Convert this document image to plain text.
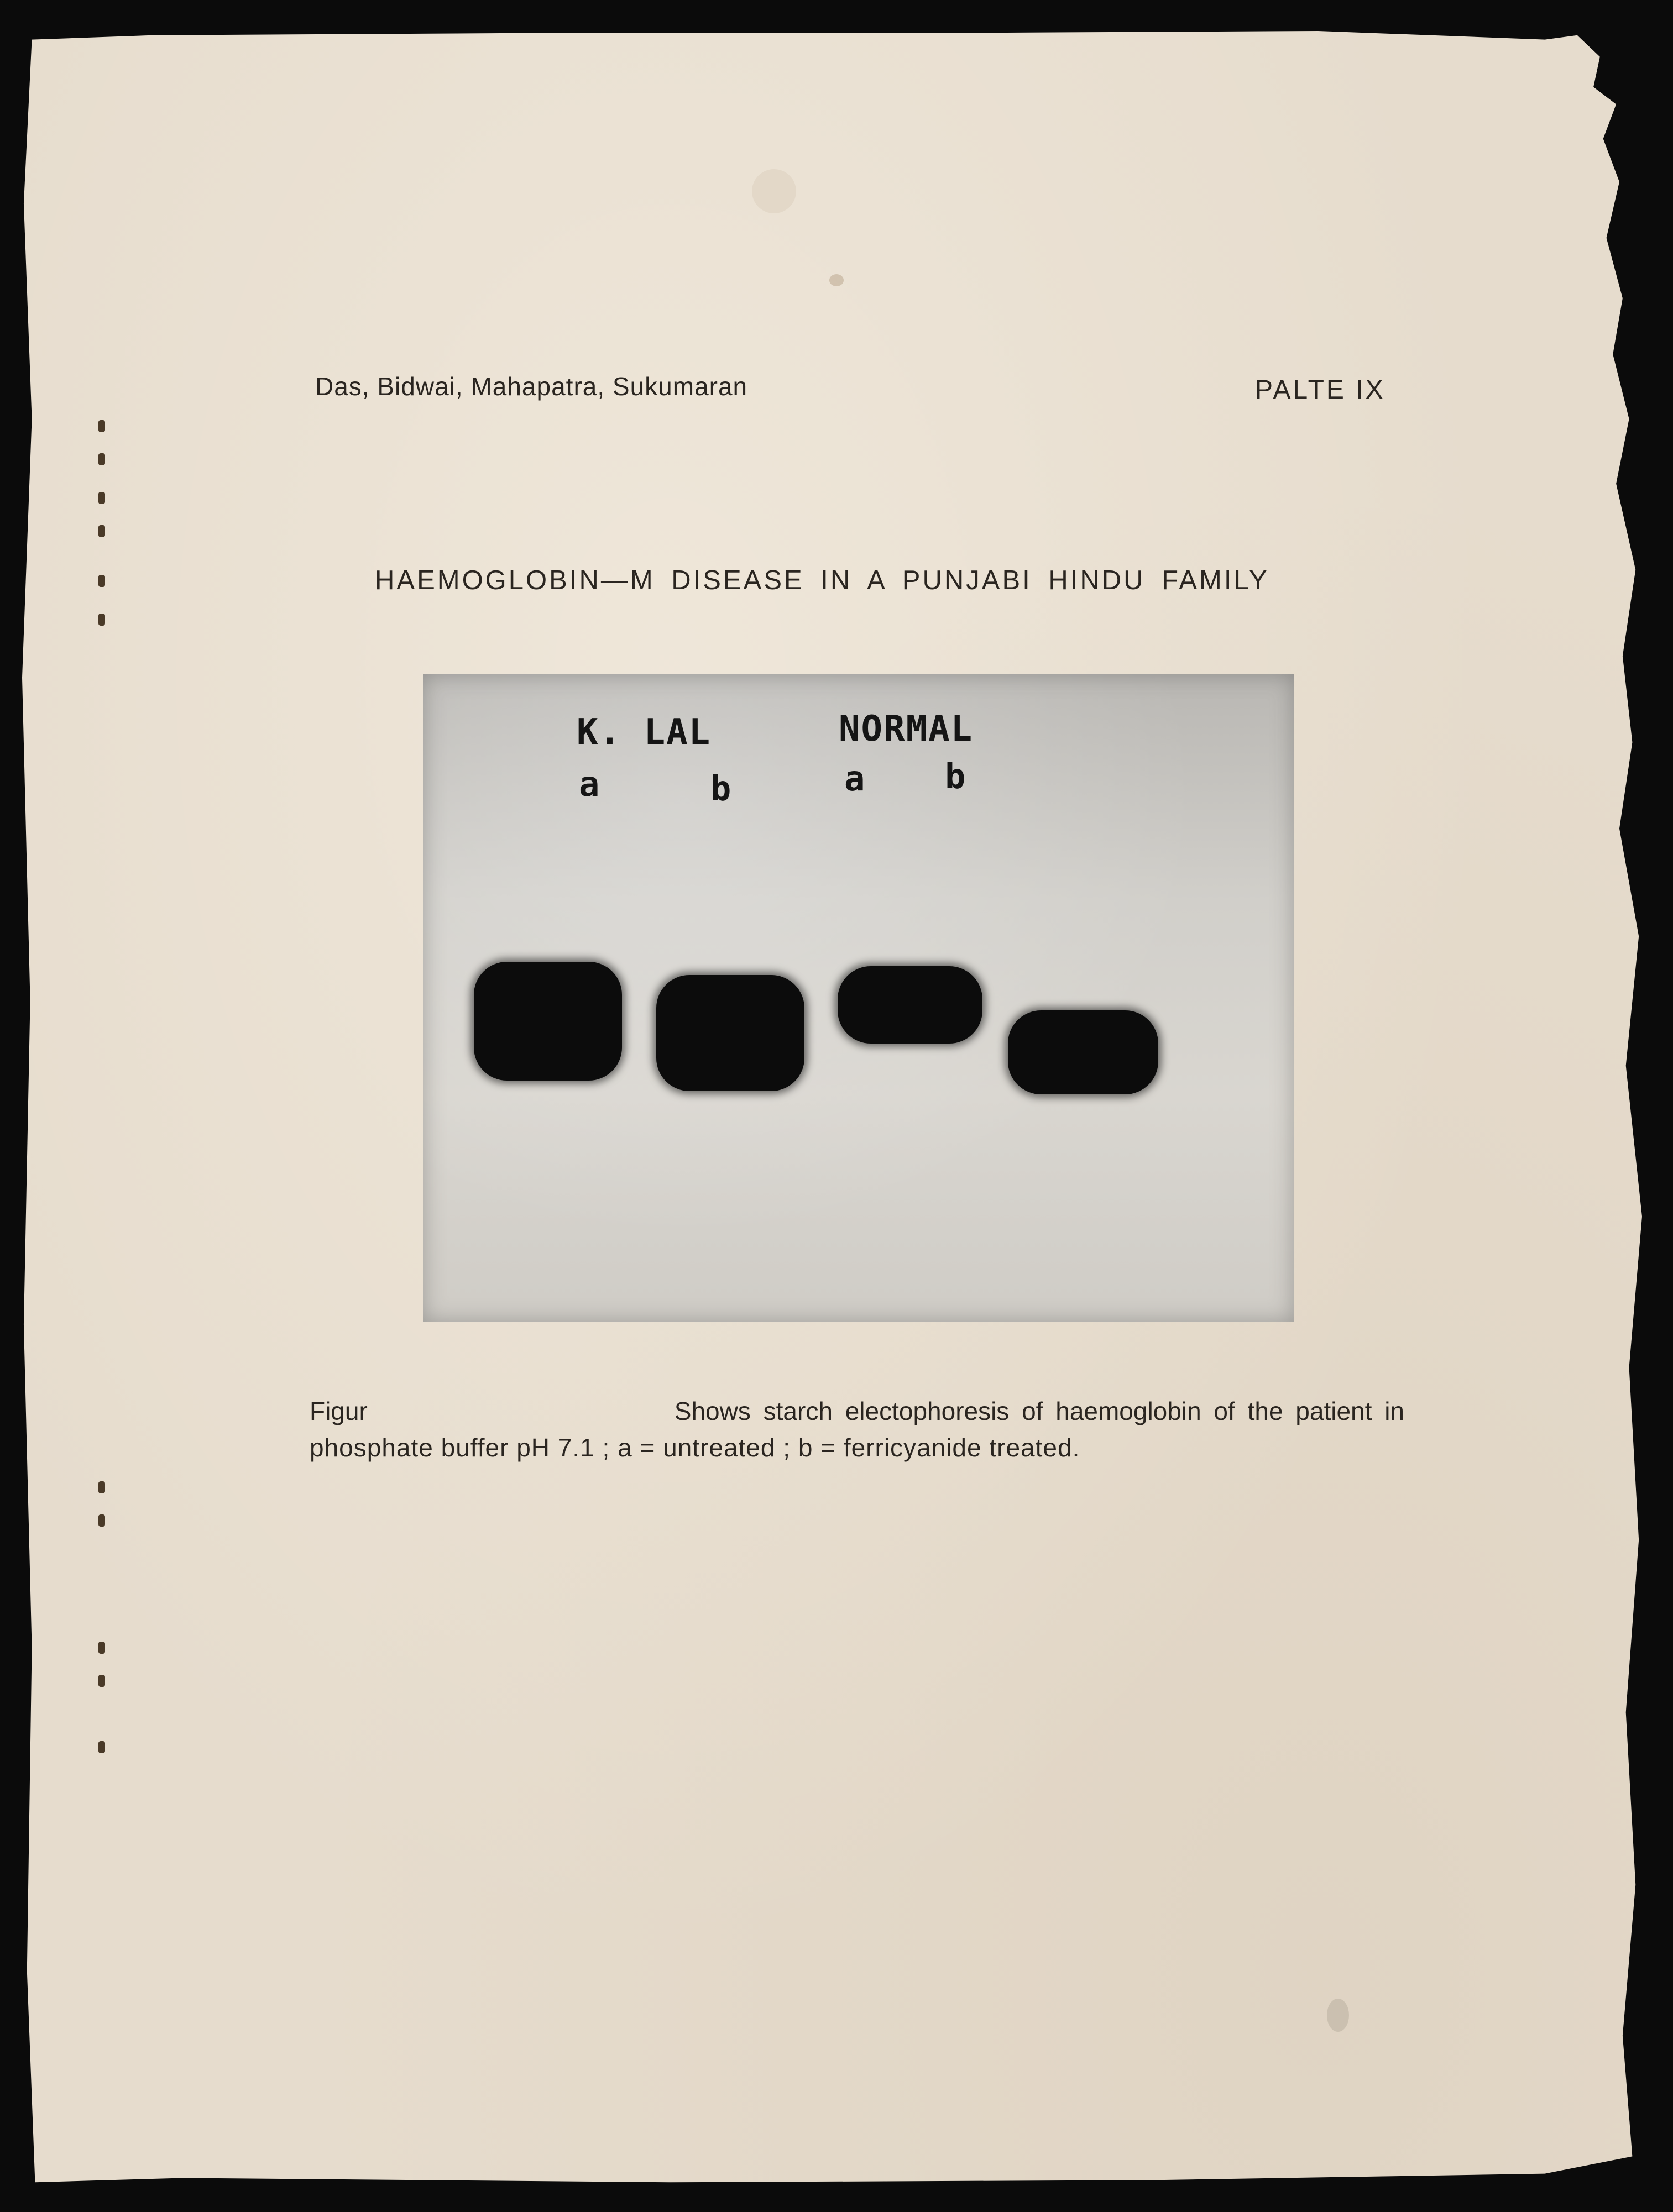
Das, Bidwai, Mahapatra, Sukumaran	PALTE IX
HAEMOGLOBIN—M DISEASE IN A PUNJABI HINDU FAMILY
K. LAL
a	b
NORMAL
a b
Figur	Shows starch electophoresis of haemoglobin of the patient in
phosphate buffer pH 7.1 ; a = untreated ; b = ferricyanide treated.
